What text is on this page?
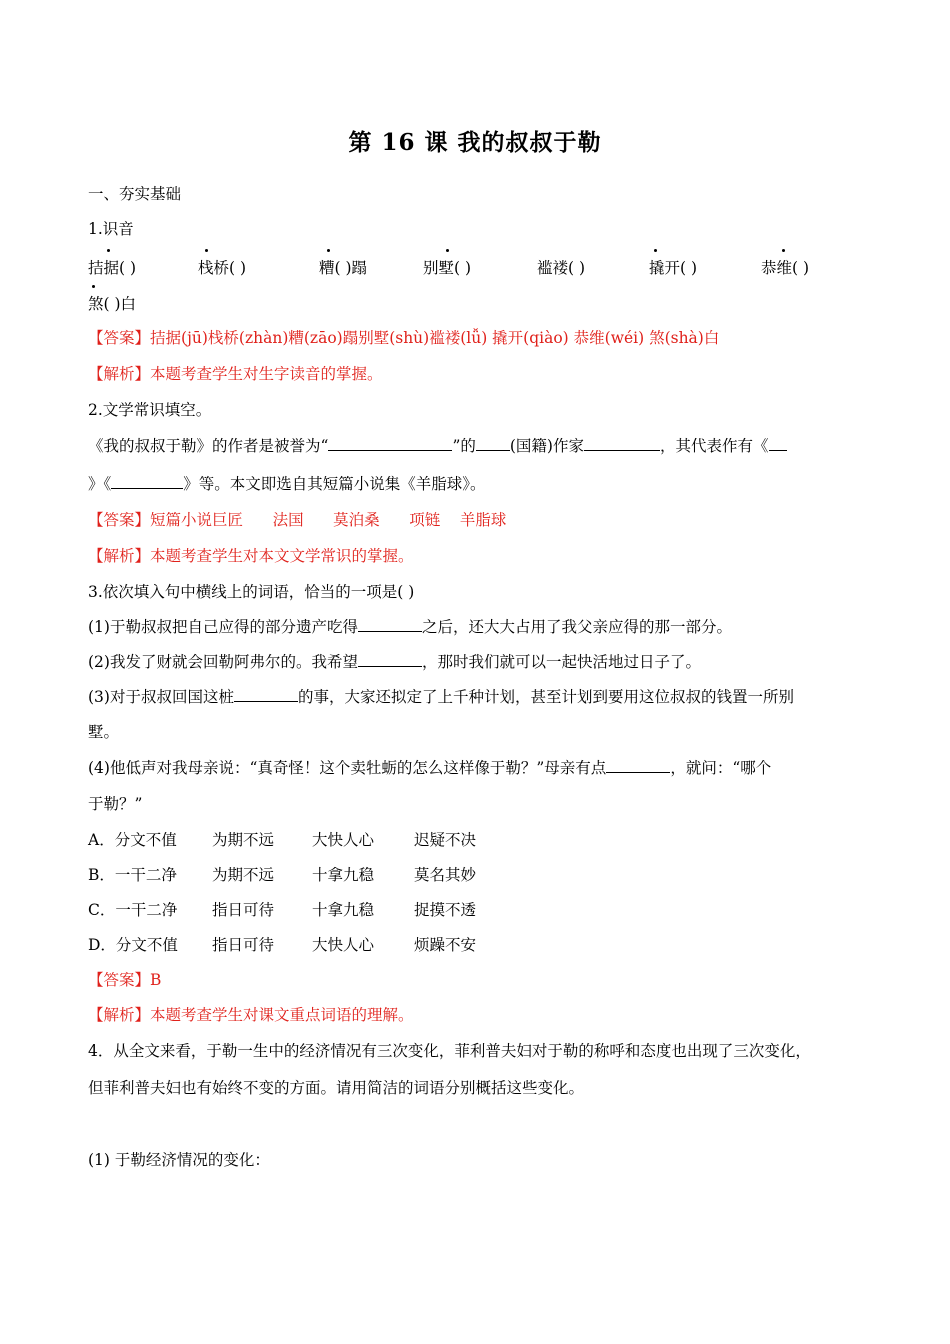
第 16 课 我的叔叔于勒
一、夯实基础
1.识音
拮据( )	栈桥( )	糟( )蹋	别墅( )	褴褛( )	撬开( )	恭维( )
煞( )白
【答案】拮据(jū)栈桥(zhàn)糟(zāo)蹋别墅(shù)褴褛(lǚ) 撬开(qiào) 恭维(wéi) 煞(shà)白
【解析】本题考查学生对生字读音的掌握。
2.文学常识填空。
《我的叔叔于勒》的作者是被誉为“	”的 (国籍)作家	，其代表作有《
》《	》等。本文即选自其短篇小说集《羊脂球》。
【答案】短篇小说巨匠      法国      莫泊桑      项链    羊脂球
【解析】本题考查学生对本文文学常识的掌握。
3.依次填入句中横线上的词语，恰当的一项是( )
(1)于勒叔叔把自己应得的部分遗产吃得	之后，还大大占用了我父亲应得的那一部分。
(2)我发了财就会回勒阿弗尔的。我希望	，那时我们就可以一起快活地过日子了。
(3)对于叔叔回国这桩	的事，大家还拟定了上千种计划，甚至计划到要用这位叔叔的钱置一所别
墅。
(4)他低声对我母亲说：“真奇怪！这个卖牡蛎的怎么这样像于勒？”母亲有点	，就问：“哪个
于勒？”
A．分文不值 为期不远 大快人心	迟疑不决
B．一干二净 为期不远 十拿九稳	莫名其妙
C．一干二净 指日可待 十拿九稳	捉摸不透
D．分文不值 指日可待 大快人心	烦躁不安
【答案】B
【解析】本题考查学生对课文重点词语的理解。
4．从全文来看，于勒一生中的经济情况有三次变化，菲利普夫妇对于勒的称呼和态度也出现了三次变化，
但菲利普夫妇也有始终不变的方面。请用简洁的词语分别概括这些变化。
(1) 于勒经济情况的变化：
